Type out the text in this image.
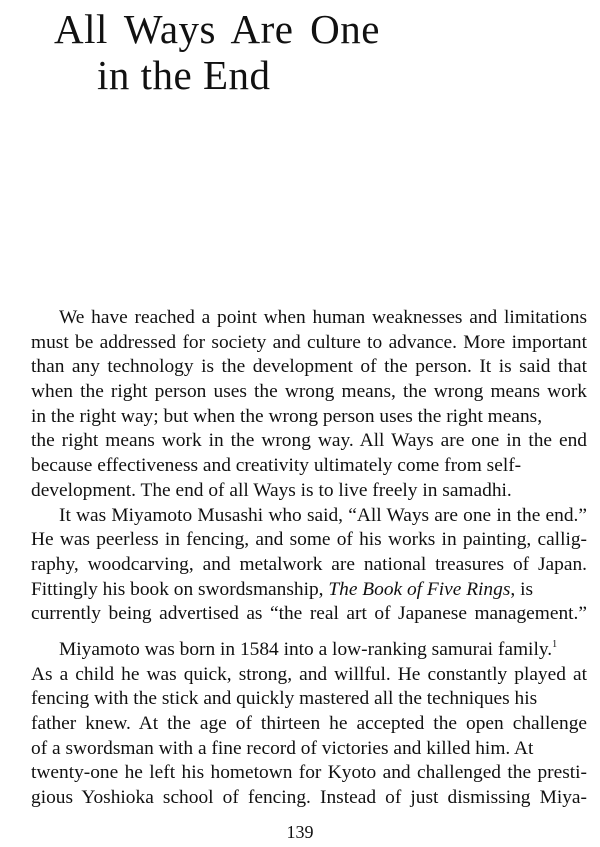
All Ways Are One
in the End
We have reached a point when human weaknesses and limitations
must be addressed for society and culture to advance. More important
than any technology is the development of the person. It is said that
when the right person uses the wrong means, the wrong means work
in the right way; but when the wrong person uses the right means,
the right means work in the wrong way. All Ways are one in the end
because effectiveness and creativity ultimately come from self-
development. The end of all Ways is to live freely in samadhi.
It was Miyamoto Musashi who said, “All Ways are one in the end.”
He was peerless in fencing, and some of his works in painting, callig-
raphy, woodcarving, and metalwork are national treasures of Japan.
Fittingly his book on swordsmanship, The Book of Five Rings, is
currently being advertised as “the real art of Japanese management.”
Miyamoto was born in 1584 into a low-ranking samurai family.$^1$
As a child he was quick, strong, and willful. He constantly played at
fencing with the stick and quickly mastered all the techniques his
father knew. At the age of thirteen he accepted the open challenge
of a swordsman with a fine record of victories and killed him. At
twenty-one he left his hometown for Kyoto and challenged the presti-
gious Yoshioka school of fencing. Instead of just dismissing Miya-
139
